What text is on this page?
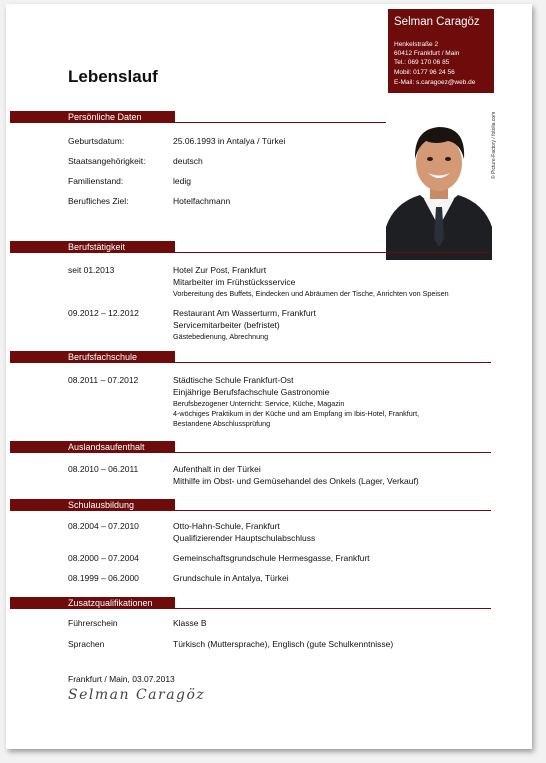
Selman Caragöz
Henkelstraße 2
60412 Frankfurt / Main
Tel.: 069 170 06 85
Mobil: 0177 96 24 56
E-Mail: s.caragoez@web.de
Lebenslauf
Persönliche Daten
Geburtsdatum:	25.06.1993 in Antalya / Türkei
Staatsangehörigkeit:	deutsch
Familienstand:	ledig
Berufliches Ziel:	Hotelfachmann
© Picture-Factory / fotolia.com
Berufstätigkeit
seit 01.2013	Hotel Zur Post, Frankfurt
Mitarbeiter im Frühstücksservice
Vorbereitung des Buffets, Eindecken und Abräumen der Tische, Anrichten von Speisen
09.2012 – 12.2012	Restaurant Am Wasserturm, Frankfurt
Servicemitarbeiter (befristet)
Gästebedienung, Abrechnung
Berufsfachschule
08.2011 – 07.2012	Städtische Schule Frankfurt-Ost
Einjährige Berufsfachschule Gastronomie
Berufsbezogener Unterricht: Service, Küche, Magazin
4-wöchiges Praktikum in der Küche und am Empfang im Ibis-Hotel, Frankfurt,
Bestandene Abschlussprüfung
Auslandsaufenthalt
08.2010 – 06.2011	Aufenthalt in der Türkei
Mithilfe im Obst- und Gemüsehandel des Onkels (Lager, Verkauf)
Schulausbildung
08.2004 – 07.2010	Otto-Hahn-Schule, Frankfurt
Qualifizierender Hauptschulabschluss
08.2000 – 07.2004	Gemeinschaftsgrundschule Hermesgasse, Frankfurt
08.1999 – 06.2000	Grundschule in Antalya, Türkei
Zusatzqualifikationen
Führerschein	Klasse B
Sprachen	Türkisch (Muttersprache), Englisch (gute Schulkenntnisse)
Frankfurt / Main, 03.07.2013
Selman Caragöz
